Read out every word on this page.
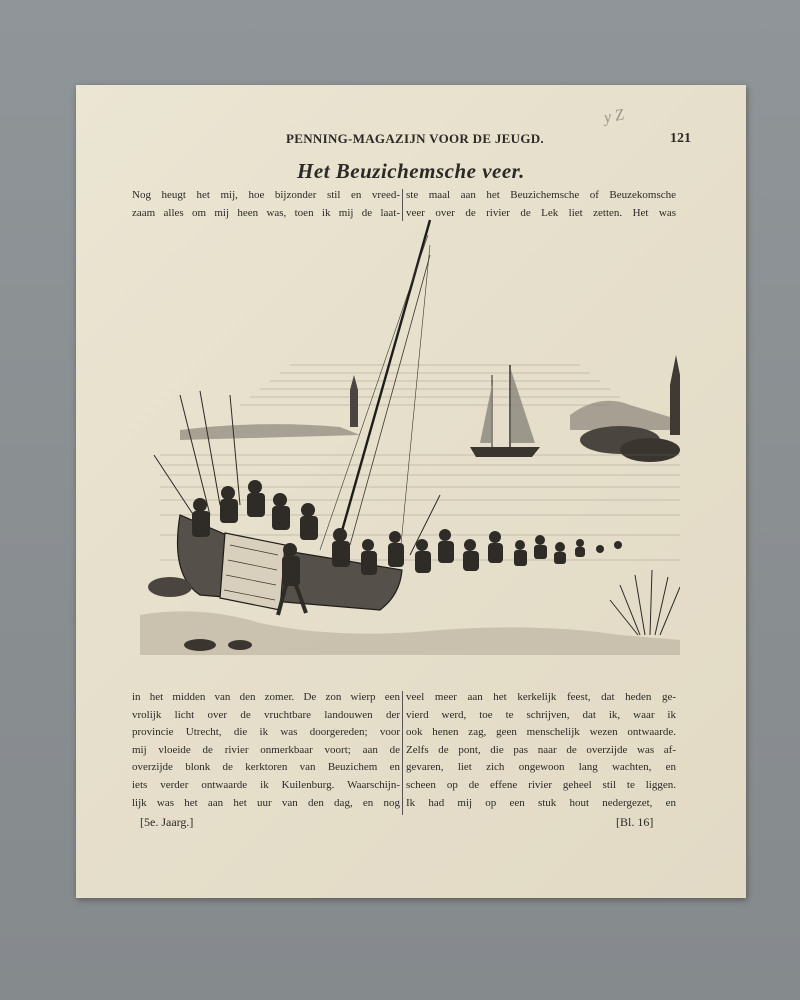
PENNING-MAGAZIJN VOOR DE JEUGD.	121
y Z
Het Beuzichemsche veer.
Nog heugt het mij, hoe bijzonder stil en vreed-
zaam alles om mij heen was, toen ik mij de laat-
ste maal aan het Beuzichemsche of Beuzekomsche
veer over de rivier de Lek liet zetten. Het was
in het midden van den zomer. De zon wierp een
vrolijk licht over de vruchtbare landouwen der
provincie Utrecht, die ik was doorgereden; voor
mij vloeide de rivier onmerkbaar voort; aan de
overzijde blonk de kerktoren van Beuzichem en
iets verder ontwaarde ik Kuilenburg. Waarschijn-
lijk was het aan het uur van den dag, en nog
veel meer aan het kerkelijk feest, dat heden ge-
vierd werd, toe te schrijven, dat ik, waar ik
ook henen zag, geen menschelijk wezen ontwaarde.
Zelfs de pont, die pas naar de overzijde was af-
gevaren, liet zich ongewoon lang wachten, en
scheen op de effene rivier geheel stil te liggen.
Ik had mij op een stuk hout nedergezet, en
[5e. Jaarg.]	[Bl. 16]
